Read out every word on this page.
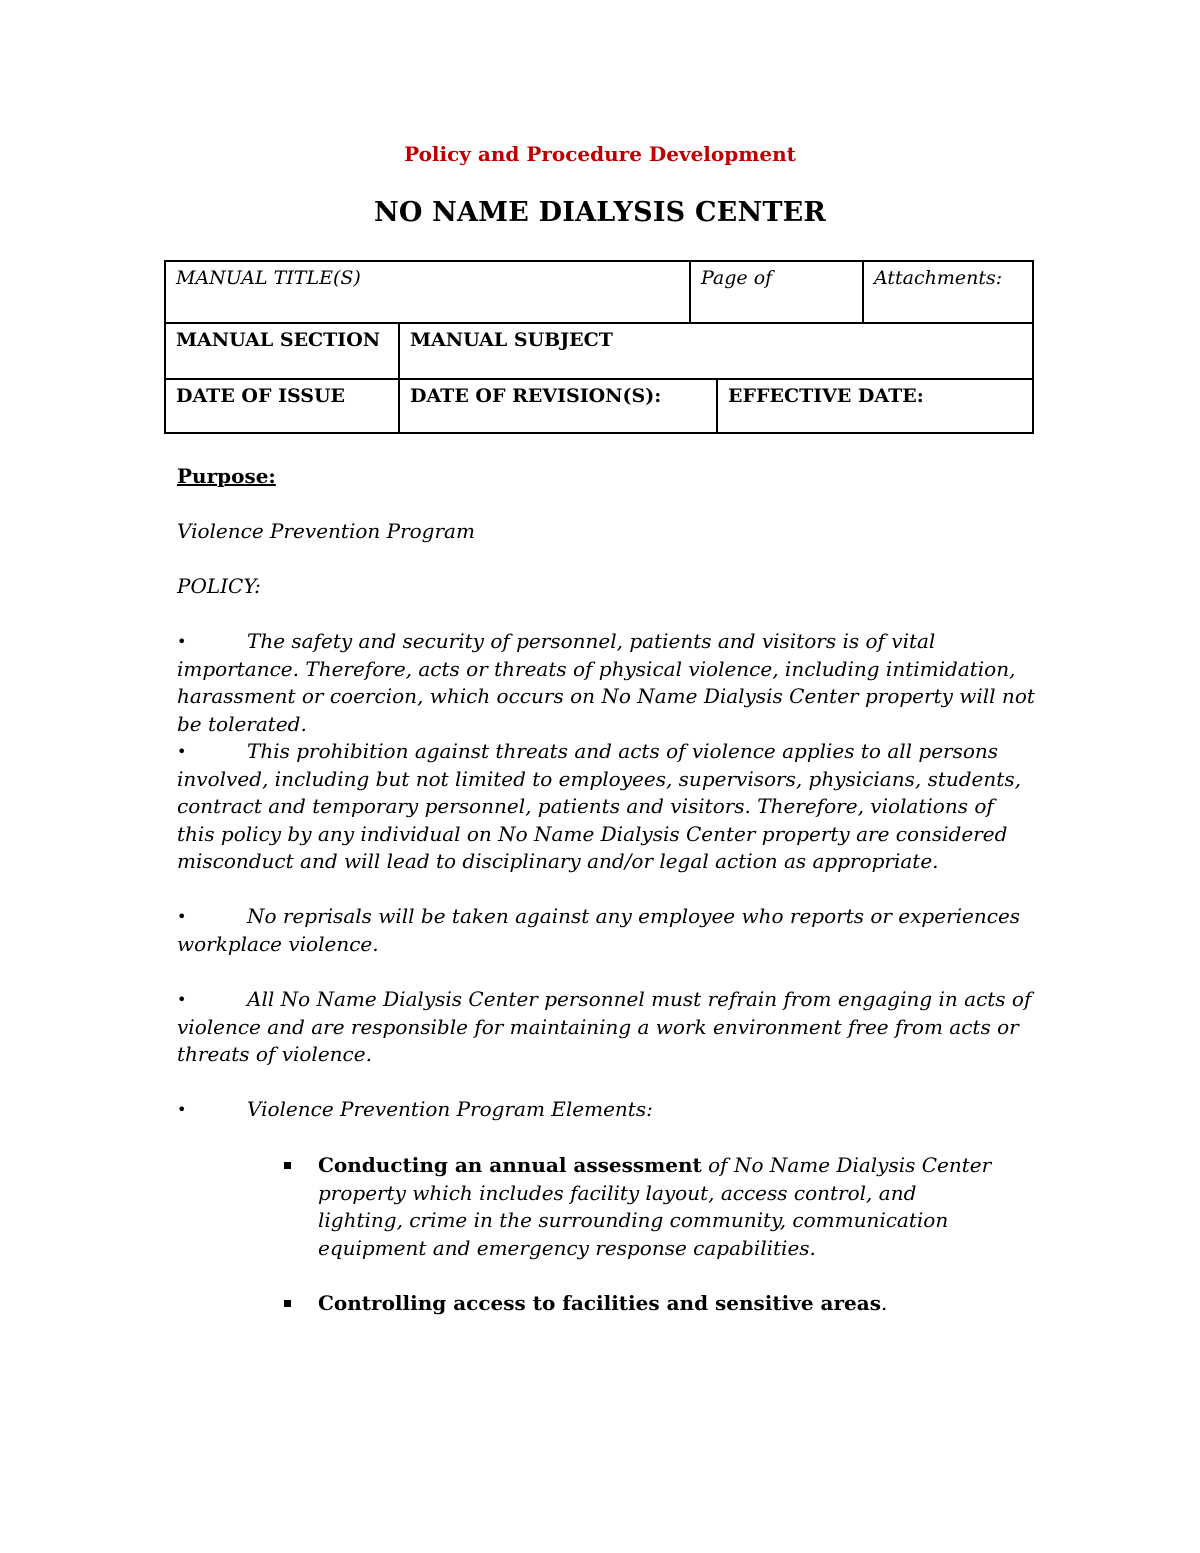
Policy and Procedure Development
NO NAME DIALYSIS CENTER
MANUAL TITLE(S)	Page of	Attachments:
MANUAL SECTION	MANUAL SUBJECT
DATE OF ISSUE	DATE OF REVISION(S):	EFFECTIVE DATE:
Purpose:
Violence Prevention Program
POLICY:
•	The safety and security of personnel, patients and visitors is of vital importance. Therefore, acts or threats of physical violence, including intimidation, harassment or coercion, which occurs on No Name Dialysis Center property will not be tolerated.
•	This prohibition against threats and acts of violence applies to all persons involved, including but not limited to employees, supervisors, physicians, students, contract and temporary personnel, patients and visitors. Therefore, violations of this policy by any individual on No Name Dialysis Center property are considered misconduct and will lead to disciplinary and/or legal action as appropriate.
•	No reprisals will be taken against any employee who reports or experiences workplace violence.
•	All No Name Dialysis Center personnel must refrain from engaging in acts of violence and are responsible for maintaining a work environment free from acts or threats of violence.
•	Violence Prevention Program Elements:
Conducting an annual assessment of No Name Dialysis Center property which includes facility layout, access control, and lighting, crime in the surrounding community, communication equipment and emergency response capabilities.
Controlling access to facilities and sensitive areas.
